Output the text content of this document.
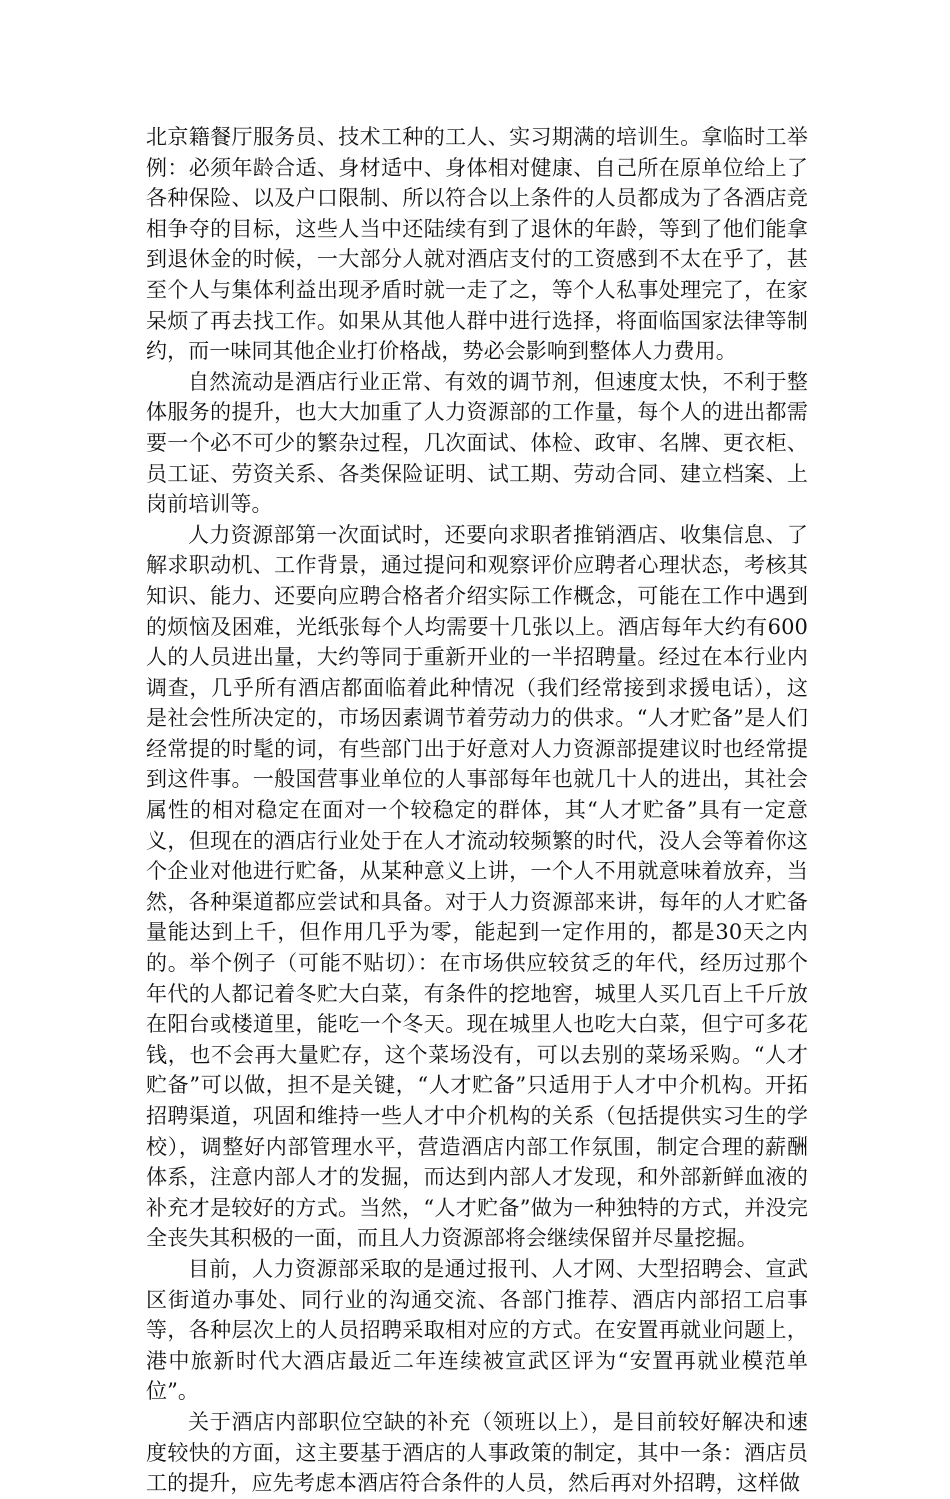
北京籍餐厅服务员、技术工种的工人、实习期满的培训生。拿临时工举例：必须年龄合适、身材适中、身体相对健康、自己所在原单位给上了各种保险、以及户口限制、所以符合以上条件的人员都成为了各酒店竞相争夺的目标，这些人当中还陆续有到了退休的年龄，等到了他们能拿到退休金的时候，一大部分人就对酒店支付的工资感到不太在乎了，甚至个人与集体利益出现矛盾时就一走了之，等个人私事处理完了，在家呆烦了再去找工作。如果从其他人群中进行选择，将面临国家法律等制约，而一味同其他企业打价格战，势必会影响到整体人力费用。

自然流动是酒店行业正常、有效的调节剂，但速度太快，不利于整体服务的提升，也大大加重了人力资源部的工作量，每个人的进出都需要一个必不可少的繁杂过程，几次面试、体检、政审、名牌、更衣柜、员工证、劳资关系、各类保险证明、试工期、劳动合同、建立档案、上岗前培训等。

人力资源部第一次面试时，还要向求职者推销酒店、收集信息、了解求职动机、工作背景，通过提问和观察评价应聘者心理状态，考核其知识、能力、还要向应聘合格者介绍实际工作概念，可能在工作中遇到的烦恼及困难，光纸张每个人均需要十几张以上。酒店每年大约有600人的人员进出量，大约等同于重新开业的一半招聘量。经过在本行业内调查，几乎所有酒店都面临着此种情况（我们经常接到求援电话），这是社会性所决定的，市场因素调节着劳动力的供求。“人才贮备”是人们经常提的时髦的词，有些部门出于好意对人力资源部提建议时也经常提到这件事。一般国营事业单位的人事部每年也就几十人的进出，其社会属性的相对稳定在面对一个较稳定的群体，其“人才贮备”具有一定意义，但现在的酒店行业处于在人才流动较频繁的时代，没人会等着你这个企业对他进行贮备，从某种意义上讲，一个人不用就意味着放弃，当然，各种渠道都应尝试和具备。对于人力资源部来讲，每年的人才贮备量能达到上千，但作用几乎为零，能起到一定作用的，都是30天之内的。举个例子（可能不贴切）：在市场供应较贫乏的年代，经历过那个年代的人都记着冬贮大白菜，有条件的挖地窖，城里人买几百上千斤放在阳台或楼道里，能吃一个冬天。现在城里人也吃大白菜，但宁可多花钱，也不会再大量贮存，这个菜场没有，可以去别的菜场采购。“人才贮备”可以做，担不是关键，“人才贮备”只适用于人才中介机构。开拓招聘渠道，巩固和维持一些人才中介机构的关系（包括提供实习生的学校），调整好内部管理水平，营造酒店内部工作氛围，制定合理的薪酬体系，注意内部人才的发掘，而达到内部人才发现，和外部新鲜血液的补充才是较好的方式。当然，“人才贮备”做为一种独特的方式，并没完全丧失其积极的一面，而且人力资源部将会继续保留并尽量挖掘。

目前，人力资源部采取的是通过报刊、人才网、大型招聘会、宣武区街道办事处、同行业的沟通交流、各部门推荐、酒店内部招工启事等，各种层次上的人员招聘采取相对应的方式。在安置再就业问题上，港中旅新时代大酒店最近二年连续被宣武区评为“安置再就业模范单位”。

关于酒店内部职位空缺的补充（领班以上），是目前较好解决和速度较快的方面，这主要基于酒店的人事政策的制定，其中一条：酒店员工的提升，应先考虑本酒店符合条件的人员，然后再对外招聘，这样做
